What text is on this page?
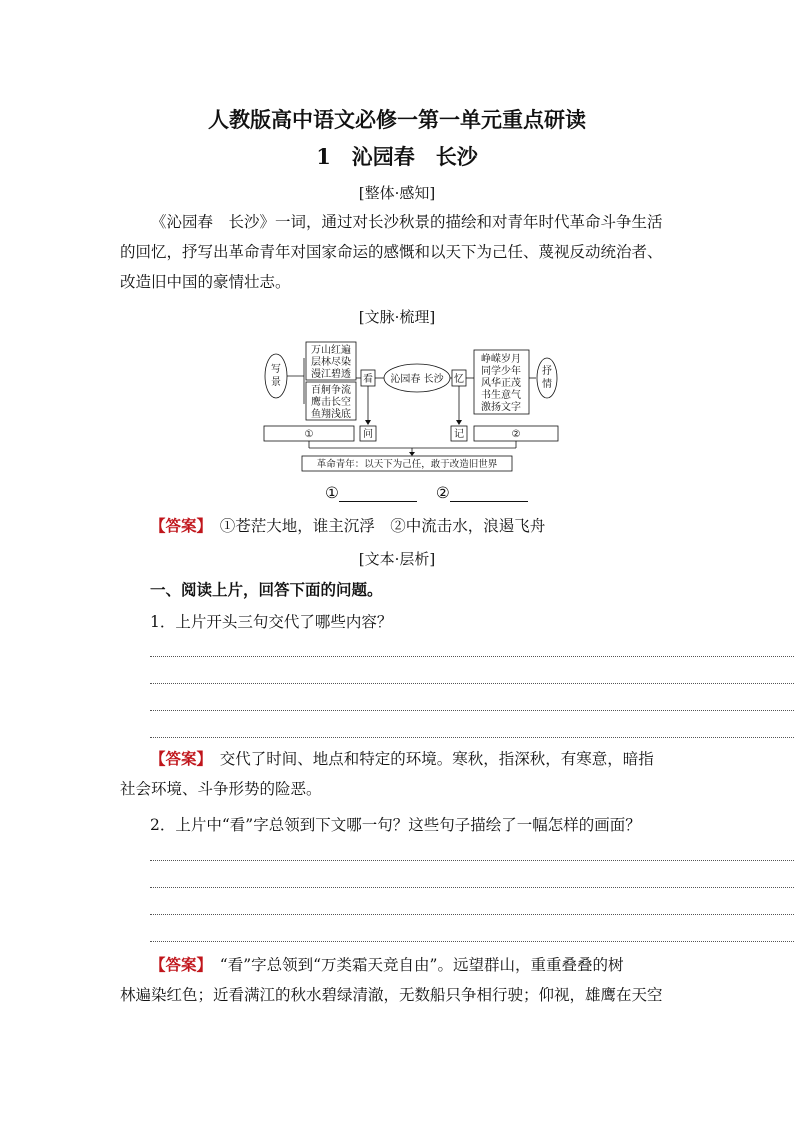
人教版高中语文必修一第一单元重点研读
1　沁园春　长沙
[整体·感知]
《沁园春　长沙》一词，通过对长沙秋景的描绘和对青年时代革命斗争生活
的回忆，抒写出革命青年对国家命运的感慨和以天下为己任、蔑视反动统治者、
改造旧中国的豪情壮志。
[文脉·梳理]
写
景
万山红遍
层林尽染
漫江碧透
百舸争流
鹰击长空
鱼翔浅底
看 沁园春 长沙 忆
峥嵘岁月
同学少年
风华正茂
书生意气
激扬文字
抒
情
①	问	记	②
革命青年：以天下为己任，敢于改造旧世界
①	②
【答案】　 ①苍茫大地，谁主沉浮　②中流击水，浪遏飞舟
[文本·层析]
一、阅读上片，回答下面的问题。
1．上片开头三句交代了哪些内容？
【答案】　 交代了时间、地点和特定的环境。寒秋，指深秋，有寒意，暗指
社会环境、斗争形势的险恶。
2．上片中“看”字总领到下文哪一句？这些句子描绘了一幅怎样的画面？
【答案】　 “看”字总领到“万类霜天竞自由”。远望群山，重重叠叠的树
林遍染红色；近看满江的秋水碧绿清澈，无数船只争相行驶；仰视，雄鹰在天空
